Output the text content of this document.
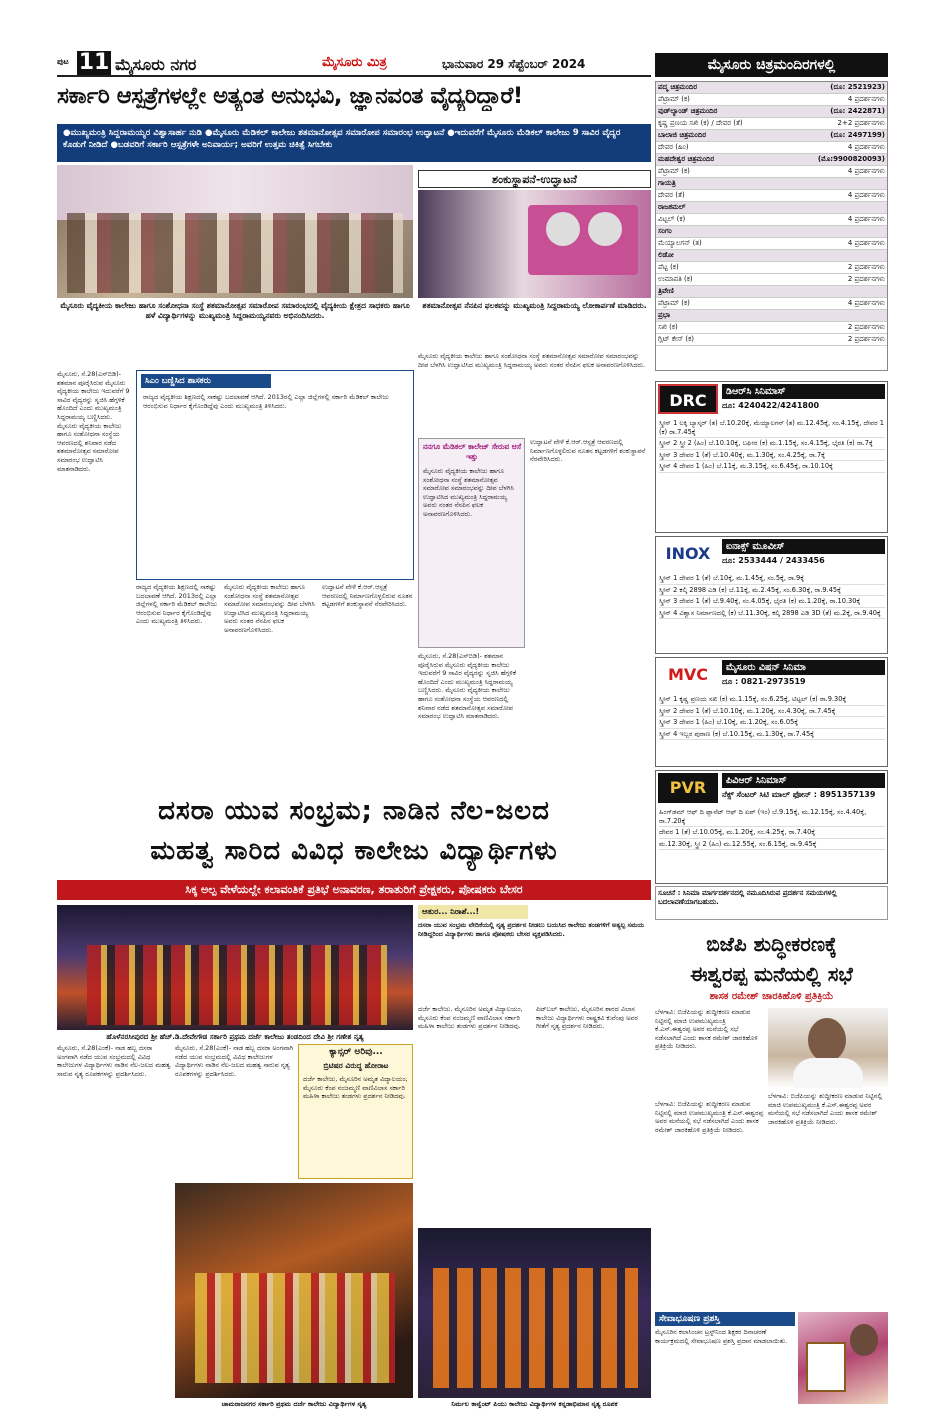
ಪುಟ 11 ಮೈಸೂರು ನಗರ	ಮೈಸೂರು ಮಿತ್ರ	ಭಾನುವಾರ 29 ಸೆಪ್ಟೆಂಬರ್ 2024
ಸರ್ಕಾರಿ ಆಸ್ಪತ್ರೆಗಳಲ್ಲೇ ಅತ್ಯಂತ ಅನುಭವಿ, ಜ್ಞಾನವಂತ ವೈದ್ಯರಿದ್ದಾರೆ!
●ಮುಖ್ಯಮಂತ್ರಿ ಸಿದ್ದರಾಮಯ್ಯರ ವಿಶ್ವಾಸಾರ್ಹ ನುಡಿ ●ಮೈಸೂರು ಮೆಡಿಕಲ್ ಕಾಲೇಜು ಶತಮಾನೋತ್ಸವ ಸಮಾರೋಪ ಸಮಾರಂಭ ಉದ್ಘಾಟನೆ ●ಇದುವರೆಗೆ ಮೈಸೂರು ಮೆಡಿಕಲ್ ಕಾಲೇಜು 9 ಸಾವಿರ ವೈದ್ಯರ ಕೊಡುಗೆ ನೀಡಿದೆ ●ಬಡವರಿಗೆ ಸರ್ಕಾರಿ ಆಸ್ಪತ್ರೆಗಳೇ ಅನಿವಾರ್ಯ; ಅವರಿಗೆ ಉತ್ತಮ ಚಿಕಿತ್ಸೆ ಸಿಗಬೇಕು
ಮೈಸೂರು ವೈದ್ಯಕೀಯ ಕಾಲೇಜು ಹಾಗೂ ಸಂಶೋಧನಾ ಸಂಸ್ಥೆ ಶತಮಾನೋತ್ಸವ ಸಮಾರೋಪ ಸಮಾರಂಭದಲ್ಲಿ ವೈದ್ಯಕೀಯ ಕ್ಷೇತ್ರದ ಸಾಧಕರು ಹಾಗೂ ಹಳೆ ವಿದ್ಯಾರ್ಥಿಗಳನ್ನು ಮುಖ್ಯಮಂತ್ರಿ ಸಿದ್ದರಾಮಯ್ಯನವರು ಅಭಿನಂದಿಸಿದರು.
ಶಂಕುಸ್ಥಾಪನೆ-ಉದ್ಘಾಟನೆ
ಶತಮಾನೋತ್ಸವ ನೆನಪಿನ ಫಲಕವನ್ನು ಮುಖ್ಯಮಂತ್ರಿ ಸಿದ್ದರಾಮಯ್ಯ ಲೋಕಾರ್ಪಣೆ ಮಾಡಿದರು.
ಮೈಸೂರು, ಸೆ.28(ಎಸ್‌ಬಿಡಿ)- ಶತಮಾನ ಪೂರೈಸಿರುವ ಮೈಸೂರು ವೈದ್ಯಕೀಯ ಕಾಲೇಜು ಇದುವರೆಗೆ 9 ಸಾವಿರ ವೈದ್ಯರನ್ನು ಸೃಜಿಸಿ ಹೆಗ್ಗಳಿಕೆ ಹೊಂದಿದೆ ಎಂದು ಮುಖ್ಯಮಂತ್ರಿ ಸಿದ್ದರಾಮಯ್ಯ ಬಣ್ಣಿಸಿದರು. ಮೈಸೂರು ವೈದ್ಯಕೀಯ ಕಾಲೇಜು ಹಾಗೂ ಸಂಶೋಧನಾ ಸಂಸ್ಥೆಯ ಆವರಣದಲ್ಲಿ ಶನಿವಾರ ನಡೆದ ಶತಮಾನೋತ್ಸವ ಸಮಾರೋಪ ಸಮಾರಂಭ ಉದ್ಘಾಟಿಸಿ ಮಾತನಾಡಿದರು.
ಸಿಎಂ ಬಣ್ಣಿಸಿದ ಶಾಸಕರು
ರಾಜ್ಯದ ವೈದ್ಯಕೀಯ ಶಿಕ್ಷಣದಲ್ಲಿ ಸಾಕಷ್ಟು ಬದಲಾವಣೆ ಆಗಿದೆ. 2013ರಲ್ಲಿ ಎಲ್ಲಾ ಜಿಲ್ಲೆಗಳಲ್ಲಿ ಸರ್ಕಾರಿ ಮೆಡಿಕಲ್ ಕಾಲೇಜು ಆರಂಭಿಸುವ ನಿರ್ಧಾರ ಕೈಗೊಂಡಿದ್ದೆವು ಎಂದು ಮುಖ್ಯಮಂತ್ರಿ ತಿಳಿಸಿದರು.
ರಾಜ್ಯದ ವೈದ್ಯಕೀಯ ಶಿಕ್ಷಣದಲ್ಲಿ ಸಾಕಷ್ಟು ಬದಲಾವಣೆ ಆಗಿದೆ. 2013ರಲ್ಲಿ ಎಲ್ಲಾ ಜಿಲ್ಲೆಗಳಲ್ಲಿ ಸರ್ಕಾರಿ ಮೆಡಿಕಲ್ ಕಾಲೇಜು ಆರಂಭಿಸುವ ನಿರ್ಧಾರ ಕೈಗೊಂಡಿದ್ದೆವು ಎಂದು ಮುಖ್ಯಮಂತ್ರಿ ತಿಳಿಸಿದರು.
ಮೈಸೂರು ವೈದ್ಯಕೀಯ ಕಾಲೇಜು ಹಾಗೂ ಸಂಶೋಧನಾ ಸಂಸ್ಥೆ ಶತಮಾನೋತ್ಸವ ಸಮಾರೋಪ ಸಮಾರಂಭವನ್ನು ದೀಪ ಬೆಳಗಿಸಿ ಉದ್ಘಾಟಿಸಿದ ಮುಖ್ಯಮಂತ್ರಿ ಸಿದ್ದರಾಮಯ್ಯ ಅವರು ನಂತರ ನೆನಪಿನ ಫಲಕ ಅನಾವರಣಗೊಳಿಸಿದರು.
ಉದ್ಘಾಟನೆ ವೇಳೆ ಕೆ.ಆರ್.ಆಸ್ಪತ್ರೆ ಆವರಣದಲ್ಲಿ ನಿರ್ಮಾಣಗೊಳ್ಳಲಿರುವ ನೂತನ ಕಟ್ಟಡಗಳಿಗೆ ಶಂಕುಸ್ಥಾಪನೆ ನೆರವೇರಿಸಿದರು.
ನನಗೂ ಮೆಡಿಕಲ್ ಕಾಲೇಜ್ ಸೇರುವ ಆಸೆ ಇತ್ತು
ಮೈಸೂರು ವೈದ್ಯಕೀಯ ಕಾಲೇಜು ಹಾಗೂ ಸಂಶೋಧನಾ ಸಂಸ್ಥೆ ಶತಮಾನೋತ್ಸವ ಸಮಾರೋಪ ಸಮಾರಂಭವನ್ನು ದೀಪ ಬೆಳಗಿಸಿ ಉದ್ಘಾಟಿಸಿದ ಮುಖ್ಯಮಂತ್ರಿ ಸಿದ್ದರಾಮಯ್ಯ ಅವರು ನಂತರ ನೆನಪಿನ ಫಲಕ ಅನಾವರಣಗೊಳಿಸಿದರು.
ಮೈಸೂರು ವೈದ್ಯಕೀಯ ಕಾಲೇಜು ಹಾಗೂ ಸಂಶೋಧನಾ ಸಂಸ್ಥೆ ಶತಮಾನೋತ್ಸವ ಸಮಾರೋಪ ಸಮಾರಂಭವನ್ನು ದೀಪ ಬೆಳಗಿಸಿ ಉದ್ಘಾಟಿಸಿದ ಮುಖ್ಯಮಂತ್ರಿ ಸಿದ್ದರಾಮಯ್ಯ ಅವರು ನಂತರ ನೆನಪಿನ ಫಲಕ ಅನಾವರಣಗೊಳಿಸಿದರು.
ಉದ್ಘಾಟನೆ ವೇಳೆ ಕೆ.ಆರ್.ಆಸ್ಪತ್ರೆ ಆವರಣದಲ್ಲಿ ನಿರ್ಮಾಣಗೊಳ್ಳಲಿರುವ ನೂತನ ಕಟ್ಟಡಗಳಿಗೆ ಶಂಕುಸ್ಥಾಪನೆ ನೆರವೇರಿಸಿದರು.
ಮೈಸೂರು, ಸೆ.28(ಎಸ್‌ಬಿಡಿ)- ಶತಮಾನ ಪೂರೈಸಿರುವ ಮೈಸೂರು ವೈದ್ಯಕೀಯ ಕಾಲೇಜು ಇದುವರೆಗೆ 9 ಸಾವಿರ ವೈದ್ಯರನ್ನು ಸೃಜಿಸಿ ಹೆಗ್ಗಳಿಕೆ ಹೊಂದಿದೆ ಎಂದು ಮುಖ್ಯಮಂತ್ರಿ ಸಿದ್ದರಾಮಯ್ಯ ಬಣ್ಣಿಸಿದರು. ಮೈಸೂರು ವೈದ್ಯಕೀಯ ಕಾಲೇಜು ಹಾಗೂ ಸಂಶೋಧನಾ ಸಂಸ್ಥೆಯ ಆವರಣದಲ್ಲಿ ಶನಿವಾರ ನಡೆದ ಶತಮಾನೋತ್ಸವ ಸಮಾರೋಪ ಸಮಾರಂಭ ಉದ್ಘಾಟಿಸಿ ಮಾತನಾಡಿದರು.
ದಸರಾ ಯುವ ಸಂಭ್ರಮ; ನಾಡಿನ ನೆಲ-ಜಲದ
ಮಹತ್ವ ಸಾರಿದ ವಿವಿಧ ಕಾಲೇಜು ವಿದ್ಯಾರ್ಥಿಗಳು
ಸಿಕ್ಕ ಅಲ್ಪ ವೇಳೆಯಲ್ಲೇ ಕಲಾವಂತಿಕೆ ಪ್ರತಿಭೆ ಅನಾವರಣ, ತರಾತುರಿಗೆ ಪ್ರೇಕ್ಷಕರು, ಪೋಷಕರು ಬೇಸರ
ಹೊಳೆನರಸೀಪುರದ ಶ್ರೀ ಹೆಚ್.ಡಿ.ದೇವೇಗೌಡ ಸರ್ಕಾರಿ ಪ್ರಥಮ ದರ್ಜೆ ಕಾಲೇಜು ತಂಡದಿಂದ ದೇವಿ ಶ್ರೀ ಗಣೇಶ ನೃತ್ಯ
ಆತುರ... ನಿರಾಶೆ...!
ದಸರಾ ಯುವ ಸಂಭ್ರಮ ವೇದಿಕೆಯಲ್ಲಿ ನೃತ್ಯ ಪ್ರದರ್ಶನ ನೀಡಲು ಬಯಸಿದ ಕಾಲೇಜು ತಂಡಗಳಿಗೆ ಅತ್ಯಲ್ಪ ಸಮಯ ನೀಡಿದ್ದರಿಂದ ವಿದ್ಯಾರ್ಥಿಗಳು ಹಾಗೂ ಪೋಷಕರು ಬೇಸರ ವ್ಯಕ್ತಪಡಿಸಿದರು.
ಮೈಸೂರು, ಸೆ.28(ಎಂಕೆ)- ನಾಡ ಹಬ್ಬ ದಸರಾ ಅಂಗವಾಗಿ ನಡೆದ ಯುವ ಸಂಭ್ರಮದಲ್ಲಿ ವಿವಿಧ ಕಾಲೇಜುಗಳ ವಿದ್ಯಾರ್ಥಿಗಳು ನಾಡಿನ ನೆಲ-ಜಲದ ಮಹತ್ವ ಸಾರುವ ನೃತ್ಯ ರೂಪಕಗಳನ್ನು ಪ್ರದರ್ಶಿಸಿದರು.
ಮೈಸೂರು, ಸೆ.28(ಎಂಕೆ)- ನಾಡ ಹಬ್ಬ ದಸರಾ ಅಂಗವಾಗಿ ನಡೆದ ಯುವ ಸಂಭ್ರಮದಲ್ಲಿ ವಿವಿಧ ಕಾಲೇಜುಗಳ ವಿದ್ಯಾರ್ಥಿಗಳು ನಾಡಿನ ನೆಲ-ಜಲದ ಮಹತ್ವ ಸಾರುವ ನೃತ್ಯ ರೂಪಕಗಳನ್ನು ಪ್ರದರ್ಶಿಸಿದರು.
ಕ್ಯಾನ್ಸರ್ ಅರಿವು...
ಬ್ರಿಟಿಷರ ವಿರುದ್ಧ ಹೋರಾಟ
ದರ್ಜೆ ಕಾಲೇಜು, ಮೈಸೂರಿನ ಅಮೃತ ವಿದ್ಯಾಲಯಂ, ಮೈಸೂರು ಕೆಂಪ ನಂಜಮ್ಮಣಿ ವಾಣಿವಿಲಾಸ ಸರ್ಕಾರಿ ಮಹಿಳಾ ಕಾಲೇಜು ತಂಡಗಳು ಪ್ರದರ್ಶನ ನೀಡಿದವು.
ಚಾಮರಾಜನಗರ ಸರ್ಕಾರಿ ಪ್ರಥಮ ದರ್ಜೆ ಕಾಲೇಜು ವಿದ್ಯಾರ್ಥಿಗಳ ನೃತ್ಯ
ದರ್ಜೆ ಕಾಲೇಜು, ಮೈಸೂರಿನ ಅಮೃತ ವಿದ್ಯಾಲಯಂ, ಮೈಸೂರು ಕೆಂಪ ನಂಜಮ್ಮಣಿ ವಾಣಿವಿಲಾಸ ಸರ್ಕಾರಿ ಮಹಿಳಾ ಕಾಲೇಜು ತಂಡಗಳು ಪ್ರದರ್ಶನ ನೀಡಿದವು.
ಪಿಟ್‌ಬಲ್ ಕಾಲೇಜು, ಮೈಸೂರಿನ ಶಾರದ ವಿಲಾಸ ಕಾಲೇಜು ವಿದ್ಯಾರ್ಥಿಗಳು ರಾಷ್ಟ್ರಕವಿ ಕುವೆಂಪು ಅವರ ಗೀತೆಗೆ ನೃತ್ಯ ಪ್ರದರ್ಶನ ನೀಡಿದರು.
ನಿರ್ಮಲ ಕಾನ್ವೆಂಟ್ ಪಿಯು ಕಾಲೇಜು ವಿದ್ಯಾರ್ಥಿಗಳ ಕನ್ನಡಾಭಿಮಾನ ನೃತ್ಯ ರೂಪಕ
ಮೈಸೂರು ಚಿತ್ರಮಂದಿರಗಳಲ್ಲಿ
ಪದ್ಮ ಚಿತ್ರಮಂದಿರ	(ದೂ: 2521923)
ಪೆಟ್ರಾಮ್ (ಕ)	4 ಪ್ರದರ್ಶನಗಳು
ವುಡ್‌ಲ್ಯಾಂಡ್ ಚಿತ್ರಮಂದಿರ	(ದೂ: 2422871)
ಕೃಷ್ಣ ಪ್ರಣಯ ಸಖಿ (ಕ) / ದೇವರ (ತೆ)	2+2 ಪ್ರದರ್ಶನಗಳು
ಬಾಲಾಜಿ ಚಿತ್ರಮಂದಿರ	(ದೂ: 2497199)
ದೇವರ (ಹಿಂ)	4 ಪ್ರದರ್ಶನಗಳು
ಮಹದೇಶ್ವರ ಚಿತ್ರಮಂದಿರ	(ಮೊ:9900820093)
ಪೆಟ್ರಾಮ್ (ಕ)	4 ಪ್ರದರ್ಶನಗಳು
ಗಾಯತ್ರಿ
ದೇವರ (ತೆ)	4 ಪ್ರದರ್ಶನಗಳು
ರಾಜಕಮಲ್
ವಿಟ್ಟಲ್ (ಕ)	4 ಪ್ರದರ್ಶನಗಳು
ಸಂಗಂ
ಮೆಯ್ಯಾಲಗನ್ (ತ)	4 ಪ್ರದರ್ಶನಗಳು
ಲಿಡೋ
ಪೆಟ್ಟ (ಕ)	2 ಪ್ರದರ್ಶನಗಳು
ಉಮಾಪತಿ (ಕ)	2 ಪ್ರದರ್ಶನಗಳು
ತ್ರಿವೇಣಿ
ಪೆಟ್ರಾಮ್ (ಕ)	4 ಪ್ರದರ್ಶನಗಳು
ಪ್ರಭಾ
ಸಖಿ (ಕ)	2 ಪ್ರದರ್ಶನಗಳು
ಗ್ಲಿಟ್ ಕೇಸ್ (ಕ)	2 ಪ್ರದರ್ಶನಗಳು
DRC	ಡಿಆರ್‌ಸಿ ಸಿನಿಮಾಸ್
ದೂ: 4240422/4241800
ಸ್ಕ್ರೀನ್ 1 ಲಕ್ಕಿ ಬ್ಯಾಸ್ಕರ್ (ತ) ಬೆ.10.20ಕ್ಕೆ, ಮೆಯ್ಯಾಲಗನ್ (ತ) ಮ.12.45ಕ್ಕೆ, ಸಂ.4.15ಕ್ಕೆ, ದೇವರ 1 (ಕ) ರಾ.7.45ಕ್ಕೆ
ಸ್ಕ್ರೀನ್ 2 ಸ್ತ್ರೀ 2 (ಹಿಂ) ಬೆ.10.10ಕ್ಕೆ, ಬಘೀರ (ಕ) ಮ.1.15ಕ್ಕೆ, ಸಂ.4.15ಕ್ಕೆ, ಭೈರತಿ (ಕ) ರಾ.7ಕ್ಕೆ
ಸ್ಕ್ರೀನ್ 3 ದೇವರ 1 (ತೆ) ಬೆ.10.40ಕ್ಕೆ, ಮ.1.30ಕ್ಕೆ, ಸಂ.4.25ಕ್ಕೆ, ರಾ.7ಕ್ಕೆ
ಸ್ಕ್ರೀನ್ 4 ದೇವರ 1 (ಹಿಂ) ಬೆ.11ಕ್ಕೆ, ಮ.3.15ಕ್ಕೆ, ಸಂ.6.45ಕ್ಕೆ, ರಾ.10.10ಕ್ಕೆ
INOX	ಐನಾಕ್ಸ್ ಮೂವೀಸ್
ದೂ: 2533444 / 2433456
ಸ್ಕ್ರೀನ್ 1 ದೇವರ 1 (ತೆ) ಬೆ.10ಕ್ಕೆ, ಮ.1.45ಕ್ಕೆ, ಸಂ.5ಕ್ಕೆ, ರಾ.9ಕ್ಕೆ
ಸ್ಕ್ರೀನ್ 2 ಕಲ್ಕಿ 2898 ಎಡಿ (ಕ) ಬೆ.11ಕ್ಕೆ, ಮ.2.45ಕ್ಕೆ, ಸಂ.6.30ಕ್ಕೆ, ರಾ.9.45ಕ್ಕೆ
ಸ್ಕ್ರೀನ್ 3 ದೇವರ 1 (ತೆ) ಬೆ.9.40ಕ್ಕೆ, ಸಂ.4.05ಕ್ಕೆ, ಭೈರತಿ (ಕ) ಮ.1.20ಕ್ಕೆ, ರಾ.10.30ಕ್ಕೆ
ಸ್ಕ್ರೀನ್ 4 ವಿಶ್ವಾಸ ನಿರ್ಮಾಣದಲ್ಲಿ (ಕ) ಬೆ.11.30ಕ್ಕೆ, ಕಲ್ಕಿ 2898 ಎಡಿ 3D (ತೆ) ಮ.2ಕ್ಕೆ, ರಾ.9.40ಕ್ಕೆ
MVC	ಮೈಸೂರು ವಿಷನ್ ಸಿನಿಮಾ
ದೂ : 0821-2973519
ಸ್ಕ್ರೀನ್ 1 ಕೃಷ್ಣ ಪ್ರಣಯ ಸಖಿ (ಕ) ಮ.1.15ಕ್ಕೆ, ಸಂ.6.25ಕ್ಕೆ, ಟಿಟ್ಟಲ್ (ಕ) ರಾ.9.30ಕ್ಕೆ
ಸ್ಕ್ರೀನ್ 2 ದೇವರ 1 (ತೆ) ಬೆ.10.10ಕ್ಕೆ, ಮ.1.20ಕ್ಕೆ, ಸಂ.4.30ಕ್ಕೆ, ರಾ.7.45ಕ್ಕೆ
ಸ್ಕ್ರೀನ್ 3 ದೇವರ 1 (ಹಿಂ) ಬೆ.10ಕ್ಕೆ, ಮ.1.20ಕ್ಕೆ, ಸಂ.6.05ಕ್ಕೆ
ಸ್ಕ್ರೀನ್ 4 ಇಬ್ಬರ ಪುರಾಣ (ಕ) ಬೆ.10.15ಕ್ಕೆ, ಮ.1.30ಕ್ಕೆ, ರಾ.7.45ಕ್ಕೆ
PVR	ಪಿವಿಆರ್ ಸಿನಿಮಾಸ್
ನೆಕ್ಸ್ ಸೆಂಟರ್ ಸಿಟಿ ಮಾಲ್ ಫೋನ್ : 8951357139
ಹಿಂಗ್‌ಡಮ್ ಆಫ್ ದಿ ಪ್ಲಾನೆಟ್ ಆಫ್ ದಿ ಏಪ್ (ಇಂ) ಬೆ.9.15ಕ್ಕೆ, ಮ.12.15ಕ್ಕೆ, ಸಂ.4.40ಕ್ಕೆ, ರಾ.7.20ಕ್ಕೆ
ದೇವರ 1 (ತೆ) ಬೆ.10.05ಕ್ಕೆ, ಮ.1.20ಕ್ಕೆ, ಸಂ.4.25ಕ್ಕೆ, ರಾ.7.40ಕ್ಕೆ
ಮ.12.30ಕ್ಕೆ, ಸ್ತ್ರೀ 2 (ಹಿಂ) ಮ.12.55ಕ್ಕೆ, ಸಂ.6.15ಕ್ಕೆ, ರಾ.9.45ಕ್ಕೆ
ಸೂಚನೆ : ಸಿನಿಮಾ ಮಾರ್ಗದರ್ಶನದಲ್ಲಿ ನಮೂದಿಸಿರುವ ಪ್ರದರ್ಶನ ಸಮಯಗಳಲ್ಲಿ ಬದಲಾವಣೆಯಾಗಬಹುದು.
ಬಿಜೆಪಿ ಶುದ್ಧೀಕರಣಕ್ಕೆ
ಈಶ್ವರಪ್ಪ ಮನೆಯಲ್ಲಿ ಸಭೆ
ಶಾಸಕ ರಮೇಶ್ ಜಾರಕಿಹೊಳಿ ಪ್ರತಿಕ್ರಿಯೆ
ಬೆಳಗಾವಿ: ಬಿಜೆಪಿಯನ್ನು ಶುದ್ಧೀಕರಣ ಮಾಡುವ ನಿಟ್ಟಿನಲ್ಲಿ ಮಾಜಿ ಉಪಮುಖ್ಯಮಂತ್ರಿ ಕೆ.ಎಸ್.ಈಶ್ವರಪ್ಪ ಅವರ ಮನೆಯಲ್ಲಿ ಸಭೆ ನಡೆಸಲಾಗಿದೆ ಎಂದು ಶಾಸಕ ರಮೇಶ್ ಜಾರಕಿಹೊಳಿ ಪ್ರತಿಕ್ರಿಯೆ ನೀಡಿದರು.
ಬೆಳಗಾವಿ: ಬಿಜೆಪಿಯನ್ನು ಶುದ್ಧೀಕರಣ ಮಾಡುವ ನಿಟ್ಟಿನಲ್ಲಿ ಮಾಜಿ ಉಪಮುಖ್ಯಮಂತ್ರಿ ಕೆ.ಎಸ್.ಈಶ್ವರಪ್ಪ ಅವರ ಮನೆಯಲ್ಲಿ ಸಭೆ ನಡೆಸಲಾಗಿದೆ ಎಂದು ಶಾಸಕ ರಮೇಶ್ ಜಾರಕಿಹೊಳಿ ಪ್ರತಿಕ್ರಿಯೆ ನೀಡಿದರು.
ಬೆಳಗಾವಿ: ಬಿಜೆಪಿಯನ್ನು ಶುದ್ಧೀಕರಣ ಮಾಡುವ ನಿಟ್ಟಿನಲ್ಲಿ ಮಾಜಿ ಉಪಮುಖ್ಯಮಂತ್ರಿ ಕೆ.ಎಸ್.ಈಶ್ವರಪ್ಪ ಅವರ ಮನೆಯಲ್ಲಿ ಸಭೆ ನಡೆಸಲಾಗಿದೆ ಎಂದು ಶಾಸಕ ರಮೇಶ್ ಜಾರಕಿಹೊಳಿ ಪ್ರತಿಕ್ರಿಯೆ ನೀಡಿದರು.
ಸೇವಾಭೂಷಣ ಪ್ರಶಸ್ತಿ
ಮೈಸೂರಿನ ಕಲಾಸಿಂಚನ ಟ್ರಸ್ಟ್‌ನಿಂದ ಶಿಕ್ಷಕರ ದಿನಾಚರಣೆ ಕಾರ್ಯಕ್ರಮದಲ್ಲಿ ಸೇವಾಭೂಷಣ ಪ್ರಶಸ್ತಿ ಪ್ರದಾನ ಮಾಡಲಾಯಿತು.
